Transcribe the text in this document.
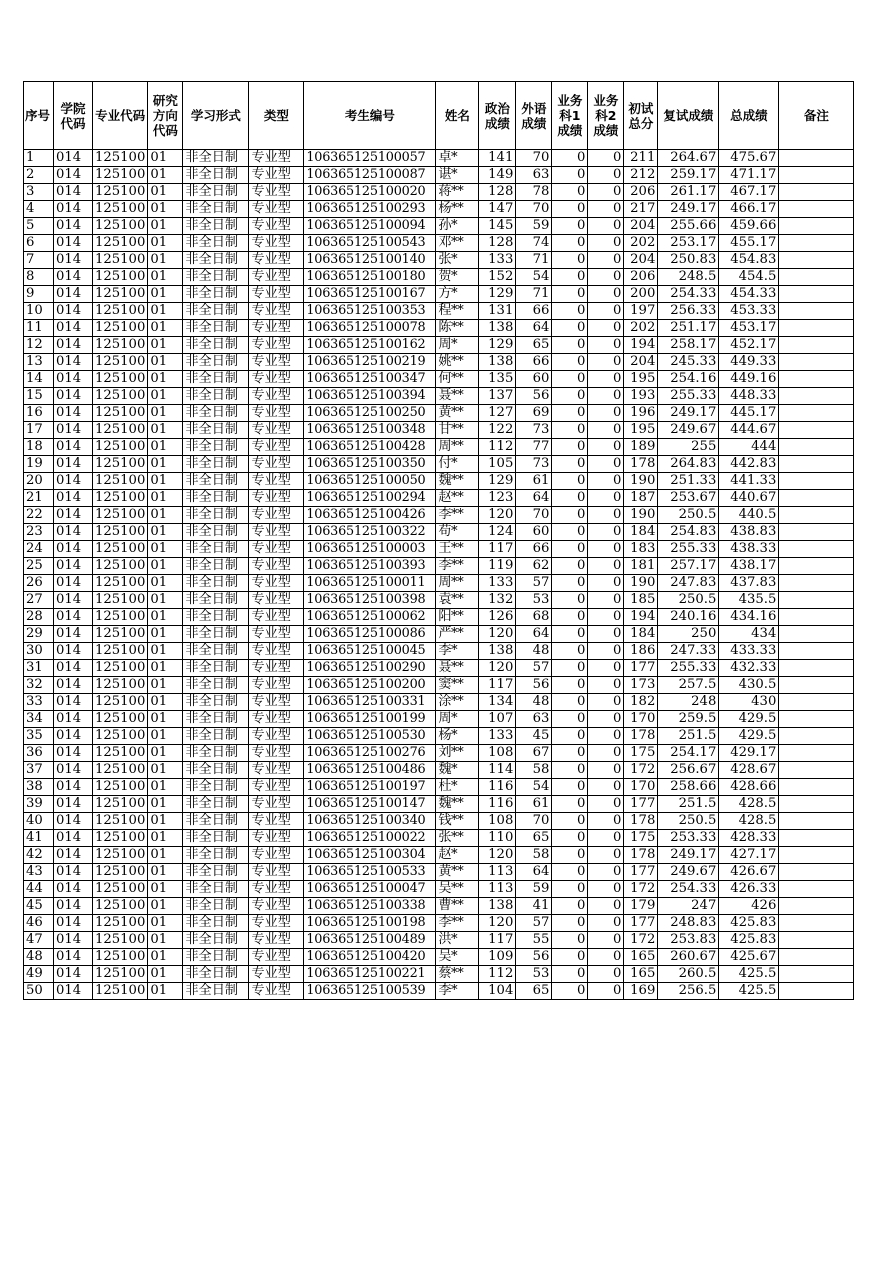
序号	学院代码	专业代码	研究方向代码	学习形式	类型	考生编号	姓名	政治成绩	外语成绩	业务科1成绩	业务科2成绩	初试总分	复试成绩	总成绩	备注
1	014	125100	01	非全日制	专业型	106365125100057	卓*	141	70	0	0	211	264.67	475.67	
2	014	125100	01	非全日制	专业型	106365125100087	谌*	149	63	0	0	212	259.17	471.17	
3	014	125100	01	非全日制	专业型	106365125100020	蒋**	128	78	0	0	206	261.17	467.17	
4	014	125100	01	非全日制	专业型	106365125100293	杨**	147	70	0	0	217	249.17	466.17	
5	014	125100	01	非全日制	专业型	106365125100094	孙*	145	59	0	0	204	255.66	459.66	
6	014	125100	01	非全日制	专业型	106365125100543	邓**	128	74	0	0	202	253.17	455.17	
7	014	125100	01	非全日制	专业型	106365125100140	张*	133	71	0	0	204	250.83	454.83	
8	014	125100	01	非全日制	专业型	106365125100180	贺*	152	54	0	0	206	248.5	454.5	
9	014	125100	01	非全日制	专业型	106365125100167	方*	129	71	0	0	200	254.33	454.33	
10	014	125100	01	非全日制	专业型	106365125100353	程**	131	66	0	0	197	256.33	453.33	
11	014	125100	01	非全日制	专业型	106365125100078	陈**	138	64	0	0	202	251.17	453.17	
12	014	125100	01	非全日制	专业型	106365125100162	周*	129	65	0	0	194	258.17	452.17	
13	014	125100	01	非全日制	专业型	106365125100219	姚**	138	66	0	0	204	245.33	449.33	
14	014	125100	01	非全日制	专业型	106365125100347	何**	135	60	0	0	195	254.16	449.16	
15	014	125100	01	非全日制	专业型	106365125100394	聂**	137	56	0	0	193	255.33	448.33	
16	014	125100	01	非全日制	专业型	106365125100250	黄**	127	69	0	0	196	249.17	445.17	
17	014	125100	01	非全日制	专业型	106365125100348	甘**	122	73	0	0	195	249.67	444.67	
18	014	125100	01	非全日制	专业型	106365125100428	周**	112	77	0	0	189	255	444	
19	014	125100	01	非全日制	专业型	106365125100350	付*	105	73	0	0	178	264.83	442.83	
20	014	125100	01	非全日制	专业型	106365125100050	魏**	129	61	0	0	190	251.33	441.33	
21	014	125100	01	非全日制	专业型	106365125100294	赵**	123	64	0	0	187	253.67	440.67	
22	014	125100	01	非全日制	专业型	106365125100426	李**	120	70	0	0	190	250.5	440.5	
23	014	125100	01	非全日制	专业型	106365125100322	苟*	124	60	0	0	184	254.83	438.83	
24	014	125100	01	非全日制	专业型	106365125100003	王**	117	66	0	0	183	255.33	438.33	
25	014	125100	01	非全日制	专业型	106365125100393	李**	119	62	0	0	181	257.17	438.17	
26	014	125100	01	非全日制	专业型	106365125100011	周**	133	57	0	0	190	247.83	437.83	
27	014	125100	01	非全日制	专业型	106365125100398	袁**	132	53	0	0	185	250.5	435.5	
28	014	125100	01	非全日制	专业型	106365125100062	阳**	126	68	0	0	194	240.16	434.16	
29	014	125100	01	非全日制	专业型	106365125100086	严**	120	64	0	0	184	250	434	
30	014	125100	01	非全日制	专业型	106365125100045	李*	138	48	0	0	186	247.33	433.33	
31	014	125100	01	非全日制	专业型	106365125100290	聂**	120	57	0	0	177	255.33	432.33	
32	014	125100	01	非全日制	专业型	106365125100200	窦**	117	56	0	0	173	257.5	430.5	
33	014	125100	01	非全日制	专业型	106365125100331	涂**	134	48	0	0	182	248	430	
34	014	125100	01	非全日制	专业型	106365125100199	周*	107	63	0	0	170	259.5	429.5	
35	014	125100	01	非全日制	专业型	106365125100530	杨*	133	45	0	0	178	251.5	429.5	
36	014	125100	01	非全日制	专业型	106365125100276	刘**	108	67	0	0	175	254.17	429.17	
37	014	125100	01	非全日制	专业型	106365125100486	魏*	114	58	0	0	172	256.67	428.67	
38	014	125100	01	非全日制	专业型	106365125100197	杜*	116	54	0	0	170	258.66	428.66	
39	014	125100	01	非全日制	专业型	106365125100147	魏**	116	61	0	0	177	251.5	428.5	
40	014	125100	01	非全日制	专业型	106365125100340	钱**	108	70	0	0	178	250.5	428.5	
41	014	125100	01	非全日制	专业型	106365125100022	张**	110	65	0	0	175	253.33	428.33	
42	014	125100	01	非全日制	专业型	106365125100304	赵*	120	58	0	0	178	249.17	427.17	
43	014	125100	01	非全日制	专业型	106365125100533	黄**	113	64	0	0	177	249.67	426.67	
44	014	125100	01	非全日制	专业型	106365125100047	吴**	113	59	0	0	172	254.33	426.33	
45	014	125100	01	非全日制	专业型	106365125100338	曹**	138	41	0	0	179	247	426	
46	014	125100	01	非全日制	专业型	106365125100198	李**	120	57	0	0	177	248.83	425.83	
47	014	125100	01	非全日制	专业型	106365125100489	洪*	117	55	0	0	172	253.83	425.83	
48	014	125100	01	非全日制	专业型	106365125100420	吴*	109	56	0	0	165	260.67	425.67	
49	014	125100	01	非全日制	专业型	106365125100221	蔡**	112	53	0	0	165	260.5	425.5	
50	014	125100	01	非全日制	专业型	106365125100539	李*	104	65	0	0	169	256.5	425.5	
